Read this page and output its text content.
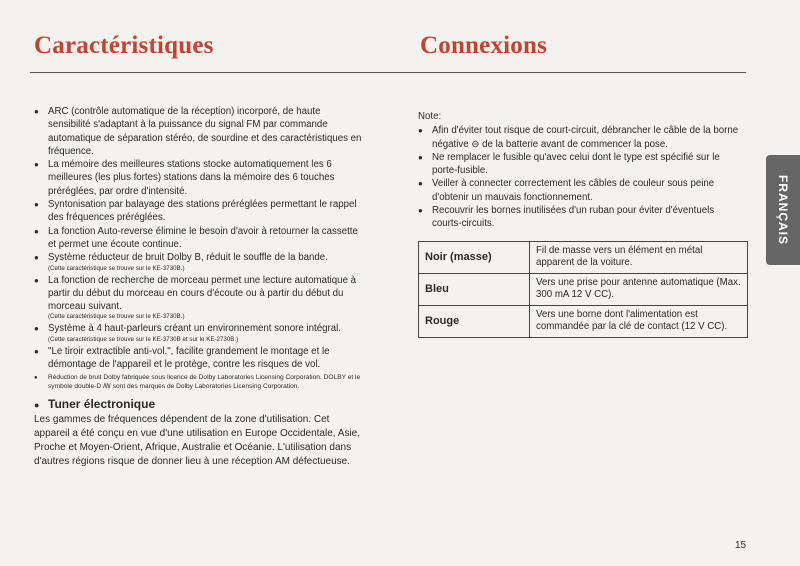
Caractéristiques	Connexions
● ARC (contrôle automatique de la réception) incorporé, de haute sensibilité s'adaptant à la puissance du signal FM par commande automatique de séparation stéréo, de sourdine et des caractéristiques en fréquence.
● La mémoire des meilleures stations stocke automatiquement les 6 meilleures (les plus fortes) stations dans la mémoire des 6 touches préréglées, par ordre d'intensité.
● Syntonisation par balayage des stations préréglées permettant le rappel des fréquences préréglées.
● La fonction Auto-reverse élimine le besoin d'avoir à retourner la cassette et permet une écoute continue.
● Système réducteur de bruit Dolby B, réduit le souffle de la bande.
(Cette caractéristique se trouve sur le KE-3730B.)
● La fonction de recherche de morceau permet une lecture automatique à partir du début du morceau en cours d'écoute ou à partir du début du morceau suivant.
(Cette caractéristique se trouve sur le KE-3730B.)
● Système à 4 haut-parleurs créant un environnement sonore intégral.
(Cette caractéristique se trouve sur le KE-3730B et sur le KE-2730B.)
● "Le tiroir extractible anti-vol.", facilite grandement le montage et le démontage de l'appareil et le protège, contre les risques de vol.
● Réduction de bruit Dolby fabriquée sous licence de Dolby Laboratories Licensing Corporation. DOLBY et le symbole double-D ꟿ sont des marques de Dolby Laboratories Licensing Corporation.
● Tuner électronique

Les gammes de fréquences dépendent de la zone d'utilisation. Cet appareil a été conçu en vue d'une utilisation en Europe Occidentale, Asie, Proche et Moyen-Orient, Afrique, Australie et Océanie. L'utilisation dans d'autres régions risque de donner lieu à une réception AM défectueuse.

Note:

● Afin d'éviter tout risque de court-circuit, débrancher le câble de la borne négative ⊖ de la batterie avant de commencer la pose.
● Ne remplacer le fusible qu'avec celui dont le type est spécifié sur le porte-fusible.
● Veiller à connecter correctement les câbles de couleur sous peine d'obtenir un mauvais fonctionnement.
● Recouvrir les bornes inutilisées d'un ruban pour éviter d'éventuels courts-circuits.
Noir (masse)	Fil de masse vers un élément en métal apparent de la voiture.
Bleu	Vers une prise pour antenne automatique (Max. 300 mA 12 V CC).
Rouge	Vers une borne dont l'alimentation est commandée par la clé de contact (12 V CC).
FRANÇAIS
15
